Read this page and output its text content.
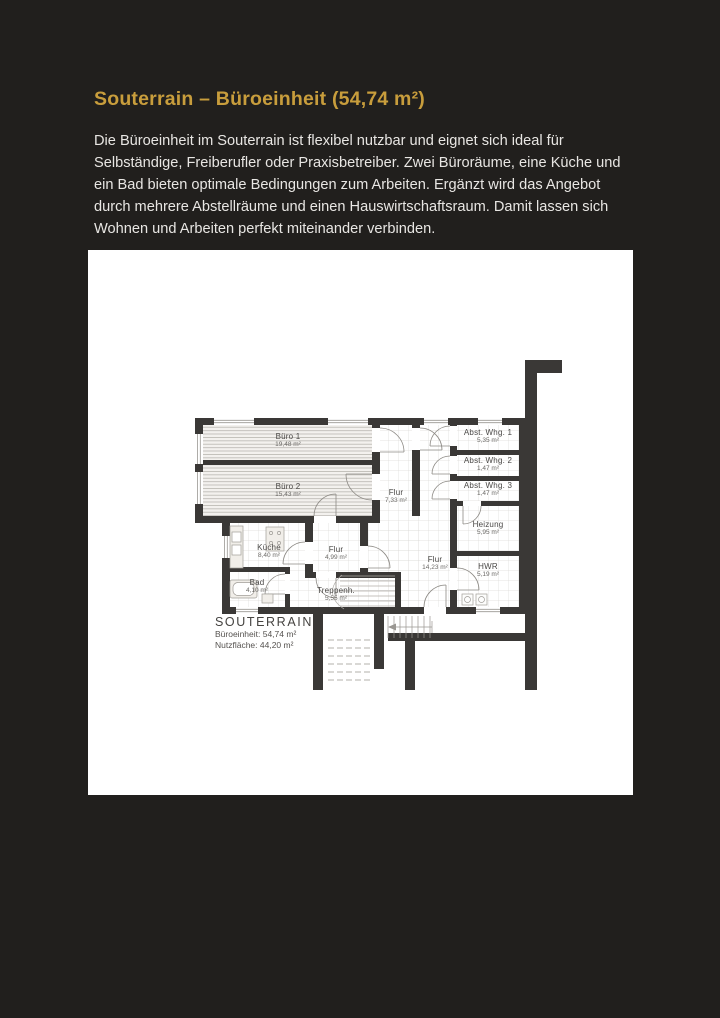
Souterrain – Büroeinheit (54,74 m²)

Die Büroeinheit im Souterrain ist flexibel nutzbar und eignet sich ideal für Selbständige, Freiberufler oder Praxisbetreiber. Zwei Büroräume, eine Küche und ein Bad bieten optimale Bedingungen zum Arbeiten. Ergänzt wird das Angebot durch mehrere Abstellräume und einen Hauswirtschaftsraum. Damit lassen sich Wohnen und Arbeiten perfekt miteinander verbinden.

Büro 1
19,48 m²
Büro 2
15,43 m²	Flur
7,33 m²
Abst. Whg. 1
5,35 m²
Abst. Whg. 2
1,47 m²
Abst. Whg. 3
1,47 m²
Heizung
5,95 m²
Küche
8,40 m²
Flur
4,99 m²	Flur
14,23 m²	HWR
5,19 m²
Bad
4,10 m²	Treppenh.
5,55 m²
SOUTERRAIN
Büroeinheit: 54,74 m²
Nutzfläche: 44,20 m²
